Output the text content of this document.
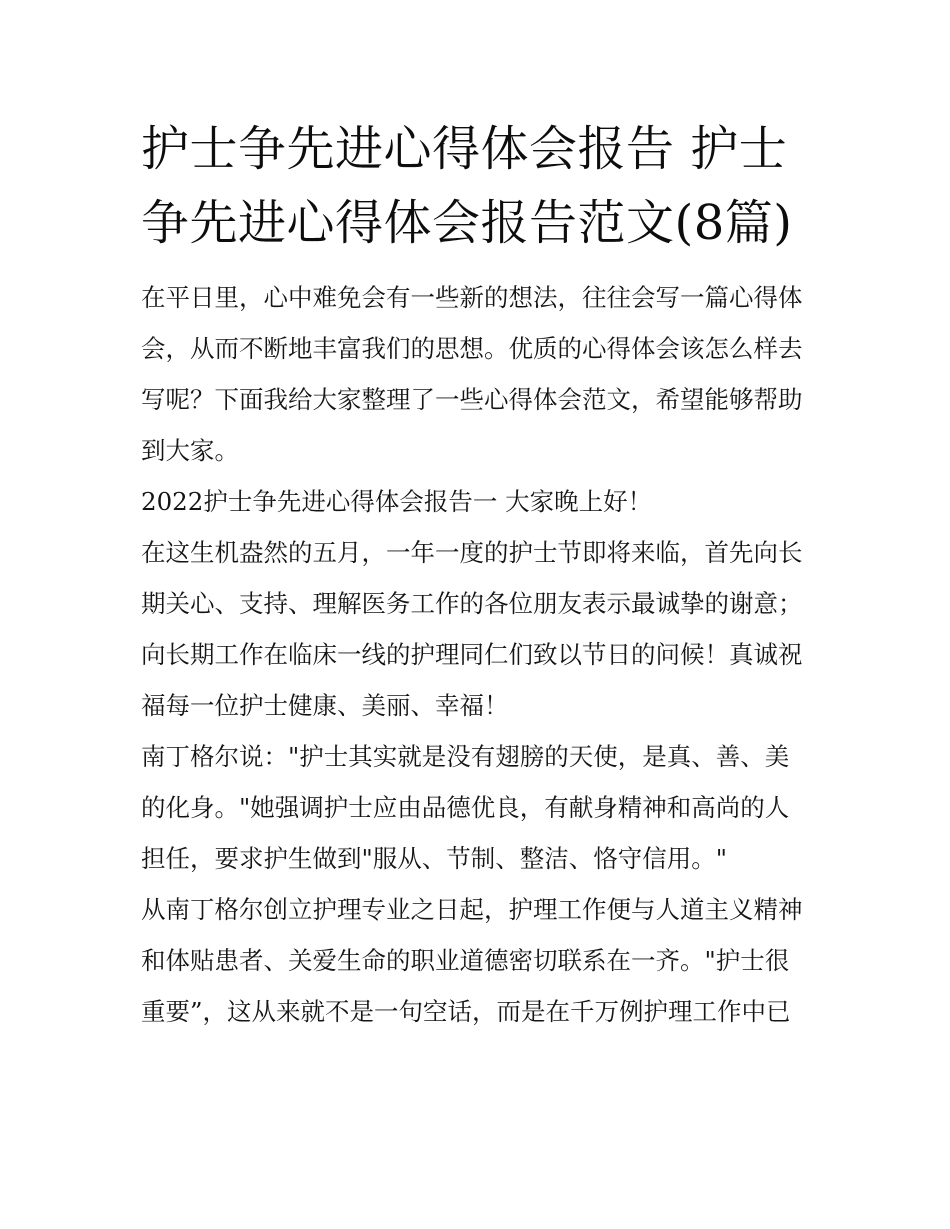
护士争先进心得体会报告 护士争先进心得体会报告范文(8篇)

在平日里，心中难免会有一些新的想法，往往会写一篇心得体会，从而不断地丰富我们的思想。优质的心得体会该怎么样去写呢？下面我给大家整理了一些心得体会范文，希望能够帮助到大家。

2022护士争先进心得体会报告一 大家晚上好！

在这生机盎然的五月，一年一度的护士节即将来临，首先向长期关心、支持、理解医务工作的各位朋友表示最诚挚的谢意；向长期工作在临床一线的护理同仁们致以节日的问候！真诚祝福每一位护士健康、美丽、幸福！

南丁格尔说："护士其实就是没有翅膀的天使，是真、善、美的化身。"她强调护士应由品德优良，有献身精神和高尚的人担任，要求护生做到"服从、节制、整洁、恪守信用。"

从南丁格尔创立护理专业之日起，护理工作便与人道主义精神和体贴患者、关爱生命的职业道德密切联系在一齐。"护士很重要”，这从来就不是一句空话，而是在千万例护理工作中已
